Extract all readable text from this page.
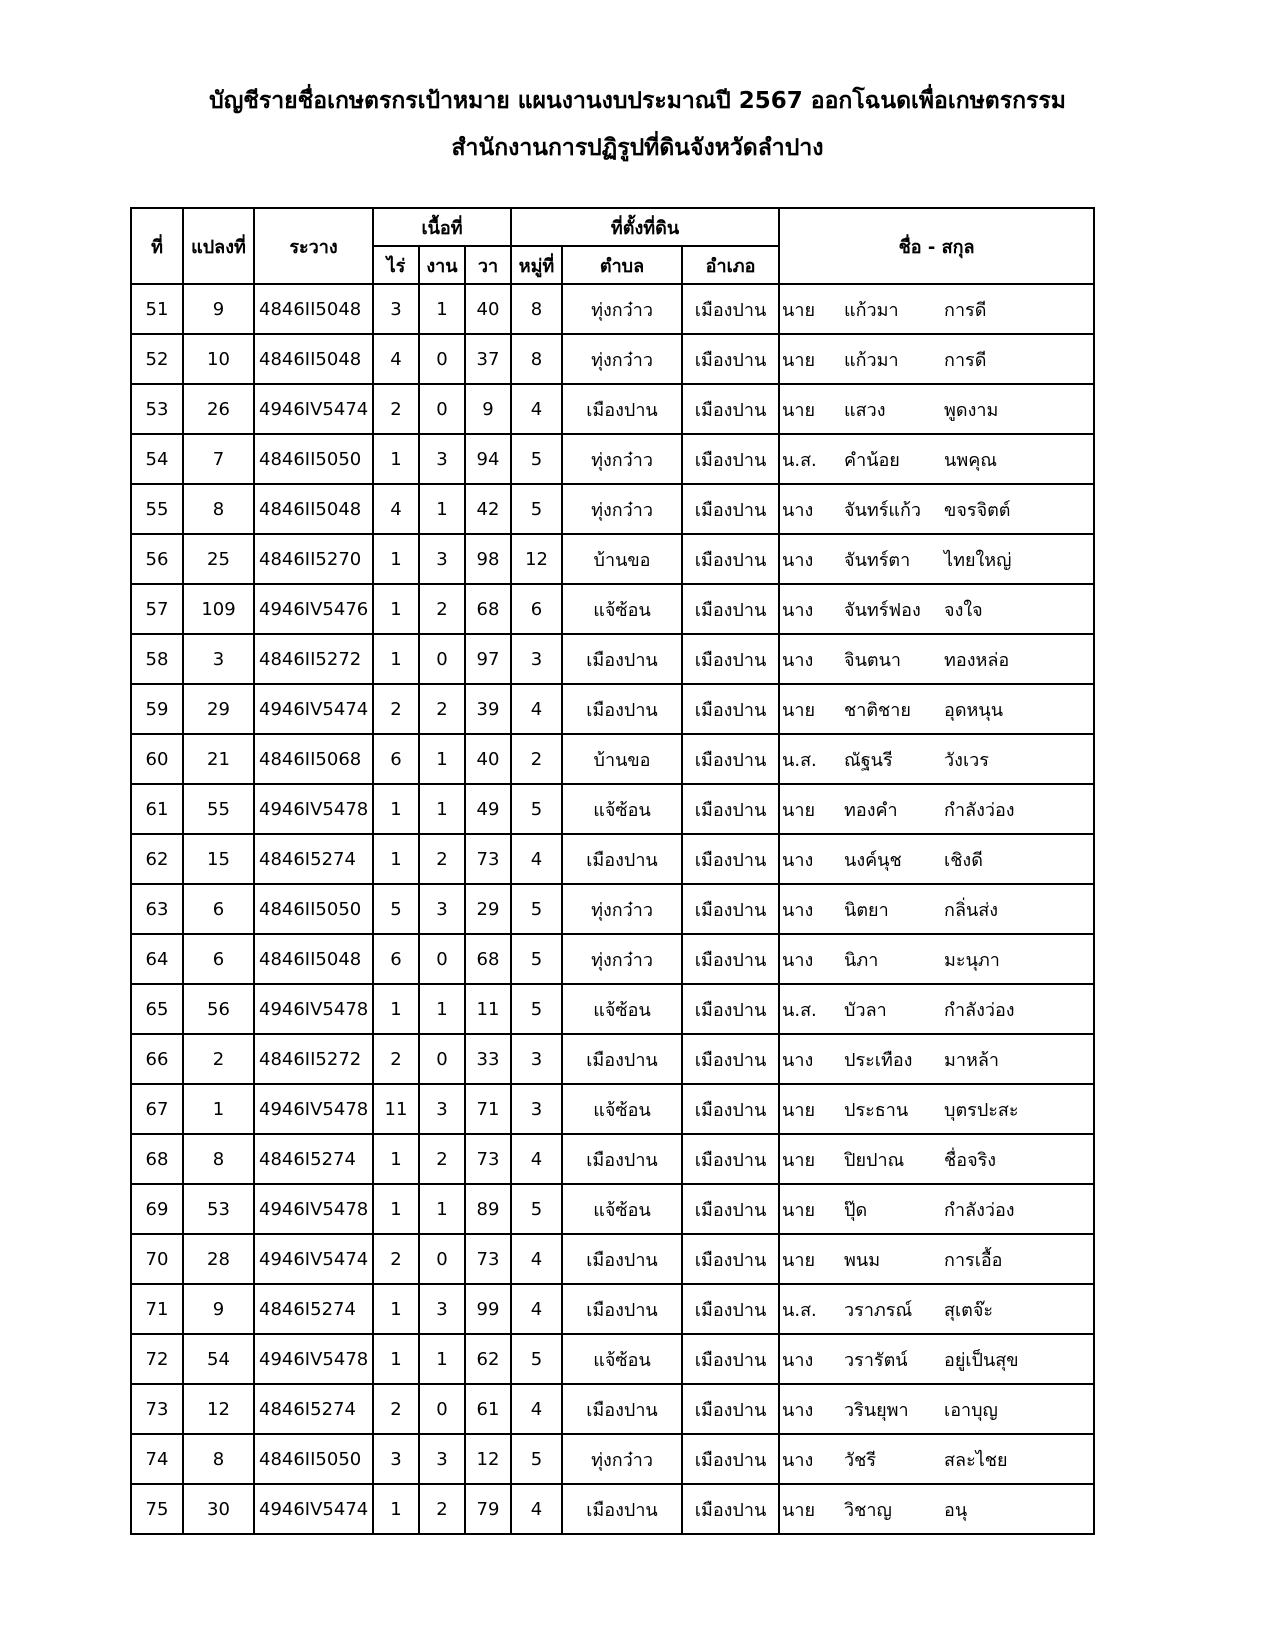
บัญชีรายชื่อเกษตรกรเป้าหมาย แผนงานงบประมาณปี 2567 ออกโฉนดเพื่อเกษตรกรรม
สำนักงานการปฏิรูปที่ดินจังหวัดลำปาง
ที่	แปลงที่	ระวาง	เนื้อที่			ที่ตั้งที่ดิน			ชื่อ - สกุล
			ไร่	งาน	วา	หมู่ที่	ตำบล	อำเภอ	
51	9	4846II5048	3	1	40	8	ทุ่งกว๋าว	เมืองปาน	นาย แก้วมา การดี
52	10	4846II5048	4	0	37	8	ทุ่งกว๋าว	เมืองปาน	นาย แก้วมา การดี
53	26	4946IV5474	2	0	9	4	เมืองปาน	เมืองปาน	นาย แสวง พูดงาม
54	7	4846II5050	1	3	94	5	ทุ่งกว๋าว	เมืองปาน	น.ส. คำน้อย นพคุณ
55	8	4846II5048	4	1	42	5	ทุ่งกว๋าว	เมืองปาน	นาง จันทร์แก้ว ขจรจิตต์
56	25	4846II5270	1	3	98	12	บ้านขอ	เมืองปาน	นาง จันทร์ตา ไทยใหญ่
57	109	4946IV5476	1	2	68	6	แจ้ซ้อน	เมืองปาน	นาง จันทร์ฟอง จงใจ
58	3	4846II5272	1	0	97	3	เมืองปาน	เมืองปาน	นาง จินตนา ทองหล่อ
59	29	4946IV5474	2	2	39	4	เมืองปาน	เมืองปาน	นาย ชาติชาย อุดหนุน
60	21	4846II5068	6	1	40	2	บ้านขอ	เมืองปาน	น.ส. ณัฐนรี วังเวร
61	55	4946IV5478	1	1	49	5	แจ้ซ้อน	เมืองปาน	นาย ทองคำ กำลังว่อง
62	15	4846I5274	1	2	73	4	เมืองปาน	เมืองปาน	นาง นงค์นุช เชิงดี
63	6	4846II5050	5	3	29	5	ทุ่งกว๋าว	เมืองปาน	นาง นิตยา กลิ่นส่ง
64	6	4846II5048	6	0	68	5	ทุ่งกว๋าว	เมืองปาน	นาง นิภา มะนุภา
65	56	4946IV5478	1	1	11	5	แจ้ซ้อน	เมืองปาน	น.ส. บัวลา กำลังว่อง
66	2	4846II5272	2	0	33	3	เมืองปาน	เมืองปาน	นาง ประเทือง มาหล้า
67	1	4946IV5478	11	3	71	3	แจ้ซ้อน	เมืองปาน	นาย ประธาน บุตรปะสะ
68	8	4846I5274	1	2	73	4	เมืองปาน	เมืองปาน	นาย ปิยปาณ ชื่อจริง
69	53	4946IV5478	1	1	89	5	แจ้ซ้อน	เมืองปาน	นาย ปุ๊ด กำลังว่อง
70	28	4946IV5474	2	0	73	4	เมืองปาน	เมืองปาน	นาย พนม การเอื้อ
71	9	4846I5274	1	3	99	4	เมืองปาน	เมืองปาน	น.ส. วราภรณ์ สุเตจ๊ะ
72	54	4946IV5478	1	1	62	5	แจ้ซ้อน	เมืองปาน	นาง วรารัตน์ อยู่เป็นสุข
73	12	4846I5274	2	0	61	4	เมืองปาน	เมืองปาน	นาง วรินยุพา เอาบุญ
74	8	4846II5050	3	3	12	5	ทุ่งกว๋าว	เมืองปาน	นาง วัชรี สละไชย
75	30	4946IV5474	1	2	79	4	เมืองปาน	เมืองปาน	นาย วิชาญ อนุ
